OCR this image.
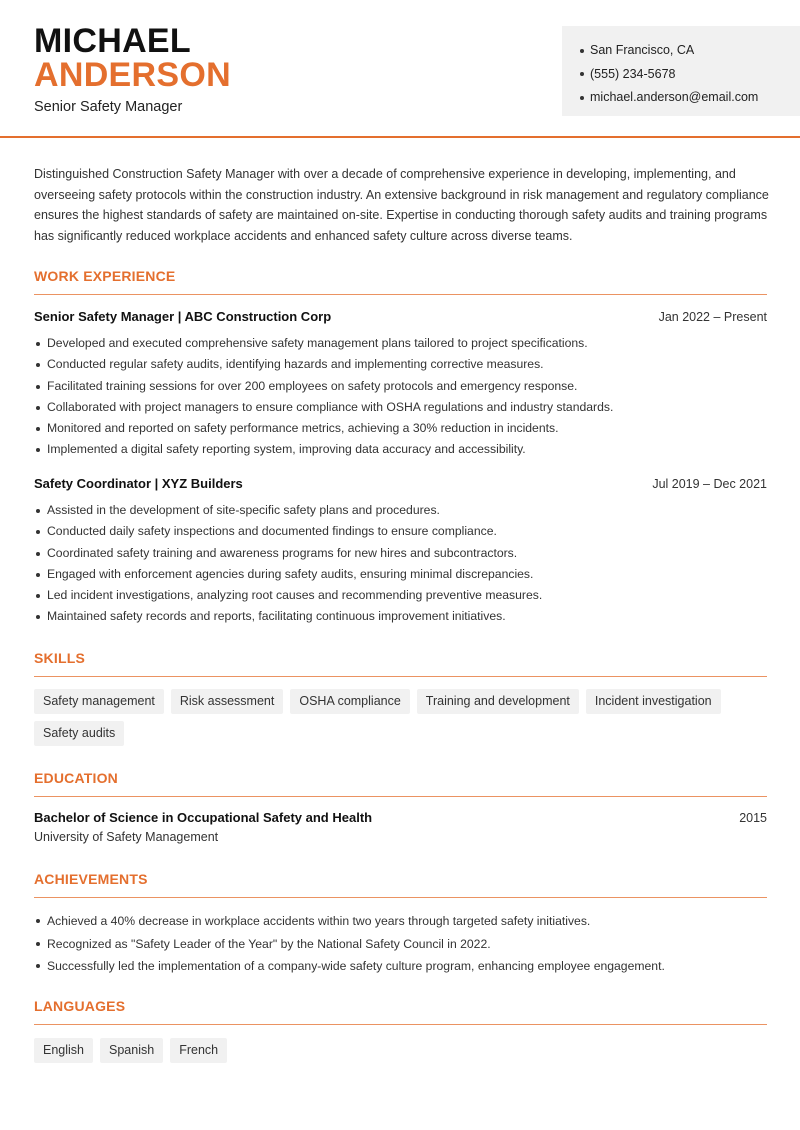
MICHAEL
ANDERSON
Senior Safety Manager
San Francisco, CA
(555) 234-5678
michael.anderson@email.com

Distinguished Construction Safety Manager with over a decade of comprehensive experience in developing, implementing, and overseeing safety protocols within the construction industry. An extensive background in risk management and regulatory compliance ensures the highest standards of safety are maintained on-site. Expertise in conducting thorough safety audits and training programs has significantly reduced workplace accidents and enhanced safety culture across diverse teams.

WORK EXPERIENCE
Senior Safety Manager | ABC Construction Corp	Jan 2022 – Present
Developed and executed comprehensive safety management plans tailored to project specifications.
Conducted regular safety audits, identifying hazards and implementing corrective measures.
Facilitated training sessions for over 200 employees on safety protocols and emergency response.
Collaborated with project managers to ensure compliance with OSHA regulations and industry standards.
Monitored and reported on safety performance metrics, achieving a 30% reduction in incidents.
Implemented a digital safety reporting system, improving data accuracy and accessibility.
Safety Coordinator | XYZ Builders	Jul 2019 – Dec 2021
Assisted in the development of site-specific safety plans and procedures.
Conducted daily safety inspections and documented findings to ensure compliance.
Coordinated safety training and awareness programs for new hires and subcontractors.
Engaged with enforcement agencies during safety audits, ensuring minimal discrepancies.
Led incident investigations, analyzing root causes and recommending preventive measures.
Maintained safety records and reports, facilitating continuous improvement initiatives.
SKILLS
Safety management	Risk assessment	OSHA compliance	Training and development	Incident investigation
Safety audits
EDUCATION
Bachelor of Science in Occupational Safety and Health	2015
University of Safety Management
ACHIEVEMENTS
Achieved a 40% decrease in workplace accidents within two years through targeted safety initiatives.
Recognized as "Safety Leader of the Year" by the National Safety Council in 2022.
Successfully led the implementation of a company-wide safety culture program, enhancing employee engagement.
LANGUAGES
English	Spanish	French
